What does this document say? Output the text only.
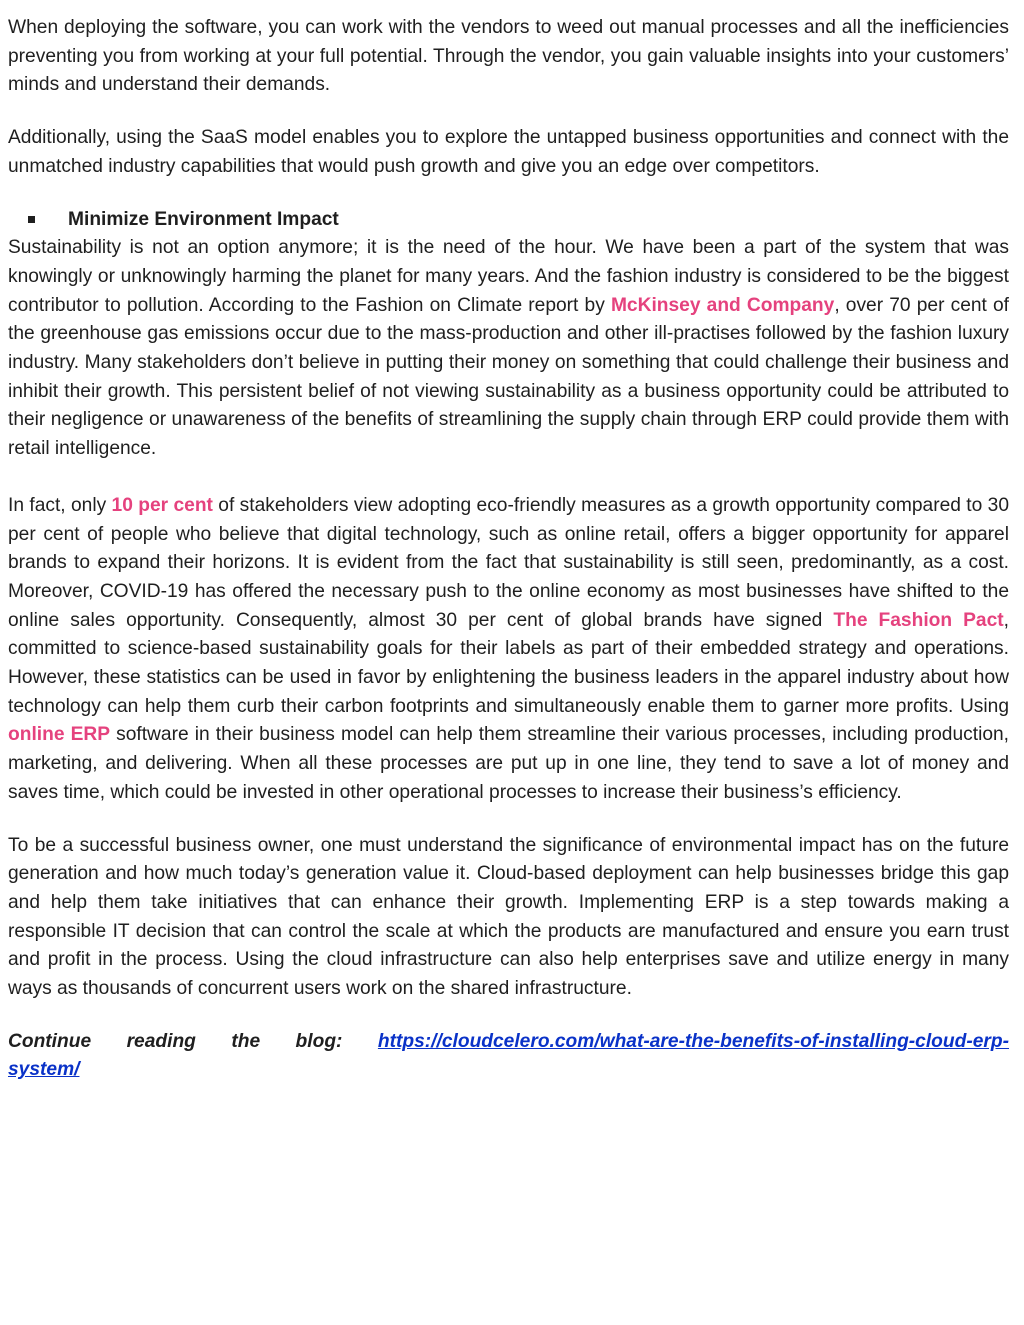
When deploying the software, you can work with the vendors to weed out manual processes and all the inefficiencies preventing you from working at your full potential. Through the vendor, you gain valuable insights into your customers’ minds and understand their demands.

Additionally, using the SaaS model enables you to explore the untapped business opportunities and connect with the unmatched industry capabilities that would push growth and give you an edge over competitors.

Minimize Environment Impact

Sustainability is not an option anymore; it is the need of the hour. We have been a part of the system that was knowingly or unknowingly harming the planet for many years. And the fashion industry is considered to be the biggest contributor to pollution. According to the Fashion on Climate report by McKinsey and Company, over 70 per cent of the greenhouse gas emissions occur due to the mass-production and other ill-practises followed by the fashion luxury industry. Many stakeholders don’t believe in putting their money on something that could challenge their business and inhibit their growth. This persistent belief of not viewing sustainability as a business opportunity could be attributed to their negligence or unawareness of the benefits of streamlining the supply chain through ERP could provide them with retail intelligence.

In fact, only 10 per cent of stakeholders view adopting eco-friendly measures as a growth opportunity compared to 30 per cent of people who believe that digital technology, such as online retail, offers a bigger opportunity for apparel brands to expand their horizons. It is evident from the fact that sustainability is still seen, predominantly, as a cost. Moreover, COVID-19 has offered the necessary push to the online economy as most businesses have shifted to the online sales opportunity. Consequently, almost 30 per cent of global brands have signed The Fashion Pact, committed to science-based sustainability goals for their labels as part of their embedded strategy and operations. However, these statistics can be used in favor by enlightening the business leaders in the apparel industry about how technology can help them curb their carbon footprints and simultaneously enable them to garner more profits. Using online ERP software in their business model can help them streamline their various processes, including production, marketing, and delivering. When all these processes are put up in one line, they tend to save a lot of money and saves time, which could be invested in other operational processes to increase their business’s efficiency.

To be a successful business owner, one must understand the significance of environmental impact has on the future generation and how much today’s generation value it. Cloud-based deployment can help businesses bridge this gap and help them take initiatives that can enhance their growth. Implementing ERP is a step towards making a responsible IT decision that can control the scale at which the products are manufactured and ensure you earn trust and profit in the process. Using the cloud infrastructure can also help enterprises save and utilize energy in many ways as thousands of concurrent users work on the shared infrastructure.

Continue reading the blog: https://cloudcelero.com/what-are-the-benefits-of-installing-cloud-erp-

system/
